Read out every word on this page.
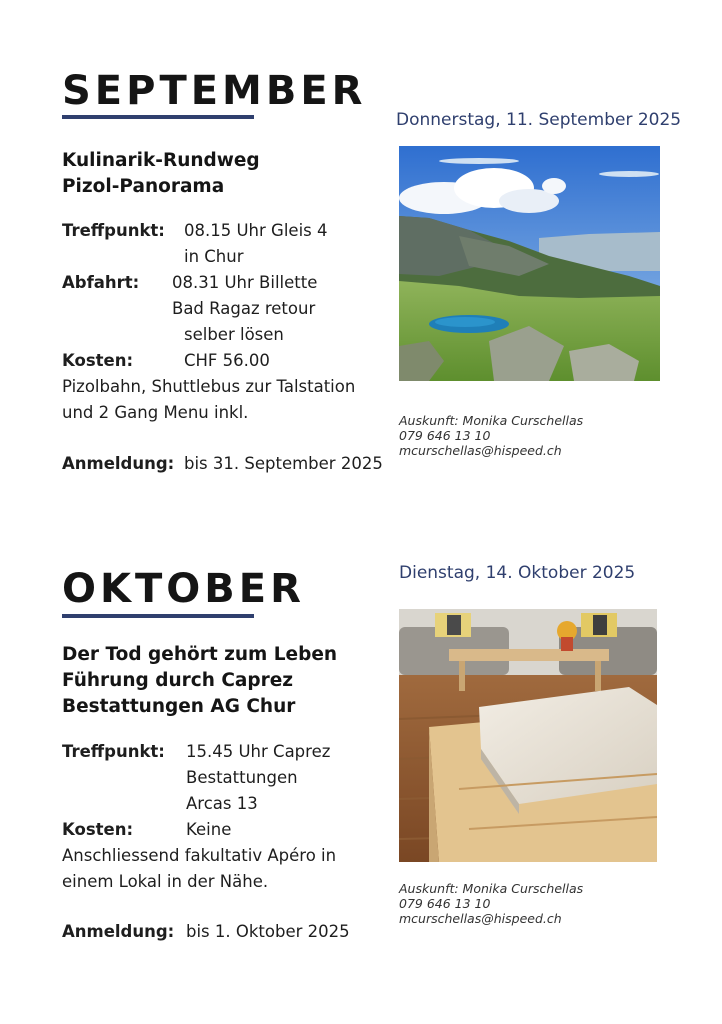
SEPTEMBER
Donnerstag, 11. September 2025
Kulinarik-Rundweg
Pizol-Panorama
Treffpunkt: 08.15 Uhr Gleis 4
in Chur
Abfahrt: 08.31 Uhr Billette
Bad Ragaz retour
selber lösen
Kosten:	CHF 56.00
Pizolbahn, Shuttlebus zur Talstation
und 2 Gang Menu inkl.
Anmeldung: bis 31. September 2025
Auskunft: Monika Curschellas
079 646 13 10
mcurschellas@hispeed.ch
OKTOBER	Dienstag, 14. Oktober 2025
Der Tod gehört zum Leben
Führung durch Caprez
Bestattungen AG Chur
Treffpunkt: 15.45 Uhr Caprez
Bestattungen
Arcas 13
Kosten:	Keine
Anschliessend fakultativ Apéro in
einem Lokal in der Nähe.
Anmeldung: bis 1. Oktober 2025
Auskunft: Monika Curschellas
079 646 13 10
mcurschellas@hispeed.ch
